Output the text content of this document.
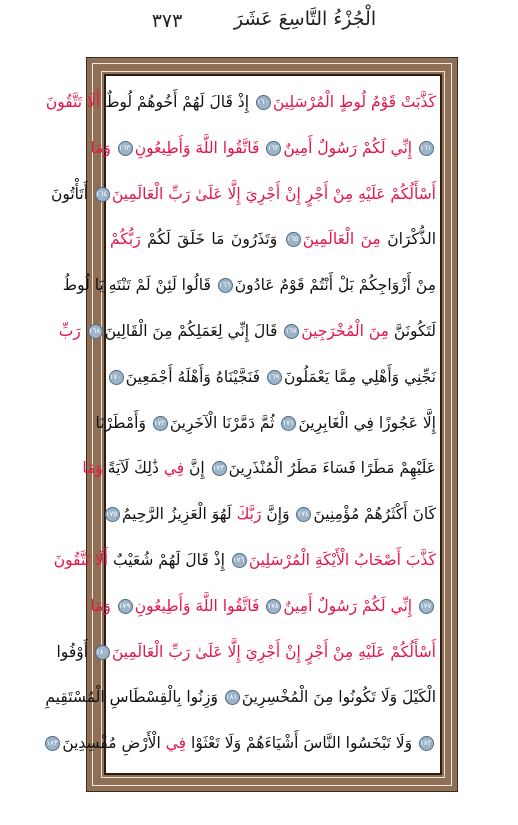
٣٧٣	الْجُزْءُ التَّاسِعَ عَشَرَ
كَذَّبَتْ قَوْمُ لُوطٍ الْمُرْسَلِينَ١٦٠ إِذْ قَالَ لَهُمْ أَخُوهُمْ لُوطٌ أَلَا تَتَّقُونَ
١٦١ إِنِّي لَكُمْ رَسُولٌ أَمِينٌ١٦٢ فَاتَّقُوا اللَّهَ وَأَطِيعُونِ١٦٣ وَمَا
أَسْأَلُكُمْ عَلَيْهِ مِنْ أَجْرٍ إِنْ أَجْرِيَ إِلَّا عَلَىٰ رَبِّ الْعَالَمِينَ١٦٤ أَتَأْتُونَ
الذُّكْرَانَ مِنَ الْعَالَمِينَ١٦٥ وَتَذَرُونَ مَا خَلَقَ لَكُمْ رَبُّكُمْ
مِنْ أَزْوَاجِكُمْ بَلْ أَنْتُمْ قَوْمٌ عَادُونَ١٦٦ قَالُوا لَئِنْ لَمْ تَنْتَهِ يَا لُوطُ
لَتَكُونَنَّ مِنَ الْمُخْرَجِينَ١٦٧ قَالَ إِنِّي لِعَمَلِكُمْ مِنَ الْقَالِينَ١٦٨ رَبِّ
نَجِّنِي وَأَهْلِي مِمَّا يَعْمَلُونَ١٦٩ فَنَجَّيْنَاهُ وَأَهْلَهُ أَجْمَعِينَ١٧٠
إِلَّا عَجُوزًا فِي الْغَابِرِينَ١٧١ ثُمَّ دَمَّرْنَا الْآخَرِينَ١٧٢ وَأَمْطَرْنَا
عَلَيْهِمْ مَطَرًا فَسَاءَ مَطَرُ الْمُنْذَرِينَ١٧٣ إِنَّ فِي ذَٰلِكَ لَآيَةً وَمَا
كَانَ أَكْثَرُهُمْ مُؤْمِنِينَ١٧٤ وَإِنَّ رَبَّكَ لَهُوَ الْعَزِيزُ الرَّحِيمُ١٧٥
كَذَّبَ أَصْحَابُ الْأَيْكَةِ الْمُرْسَلِينَ١٧٦ إِذْ قَالَ لَهُمْ شُعَيْبٌ أَلَا تَتَّقُونَ
١٧٧ إِنِّي لَكُمْ رَسُولٌ أَمِينٌ١٧٨ فَاتَّقُوا اللَّهَ وَأَطِيعُونِ١٧٩ وَمَا
أَسْأَلُكُمْ عَلَيْهِ مِنْ أَجْرٍ إِنْ أَجْرِيَ إِلَّا عَلَىٰ رَبِّ الْعَالَمِينَ١٨٠ أَوْفُوا
الْكَيْلَ وَلَا تَكُونُوا مِنَ الْمُخْسِرِينَ١٨١ وَزِنُوا بِالْقِسْطَاسِ الْمُسْتَقِيمِ
١٨٢ وَلَا تَبْخَسُوا النَّاسَ أَشْيَاءَهُمْ وَلَا تَعْثَوْا فِي الْأَرْضِ مُفْسِدِينَ١٨٣
